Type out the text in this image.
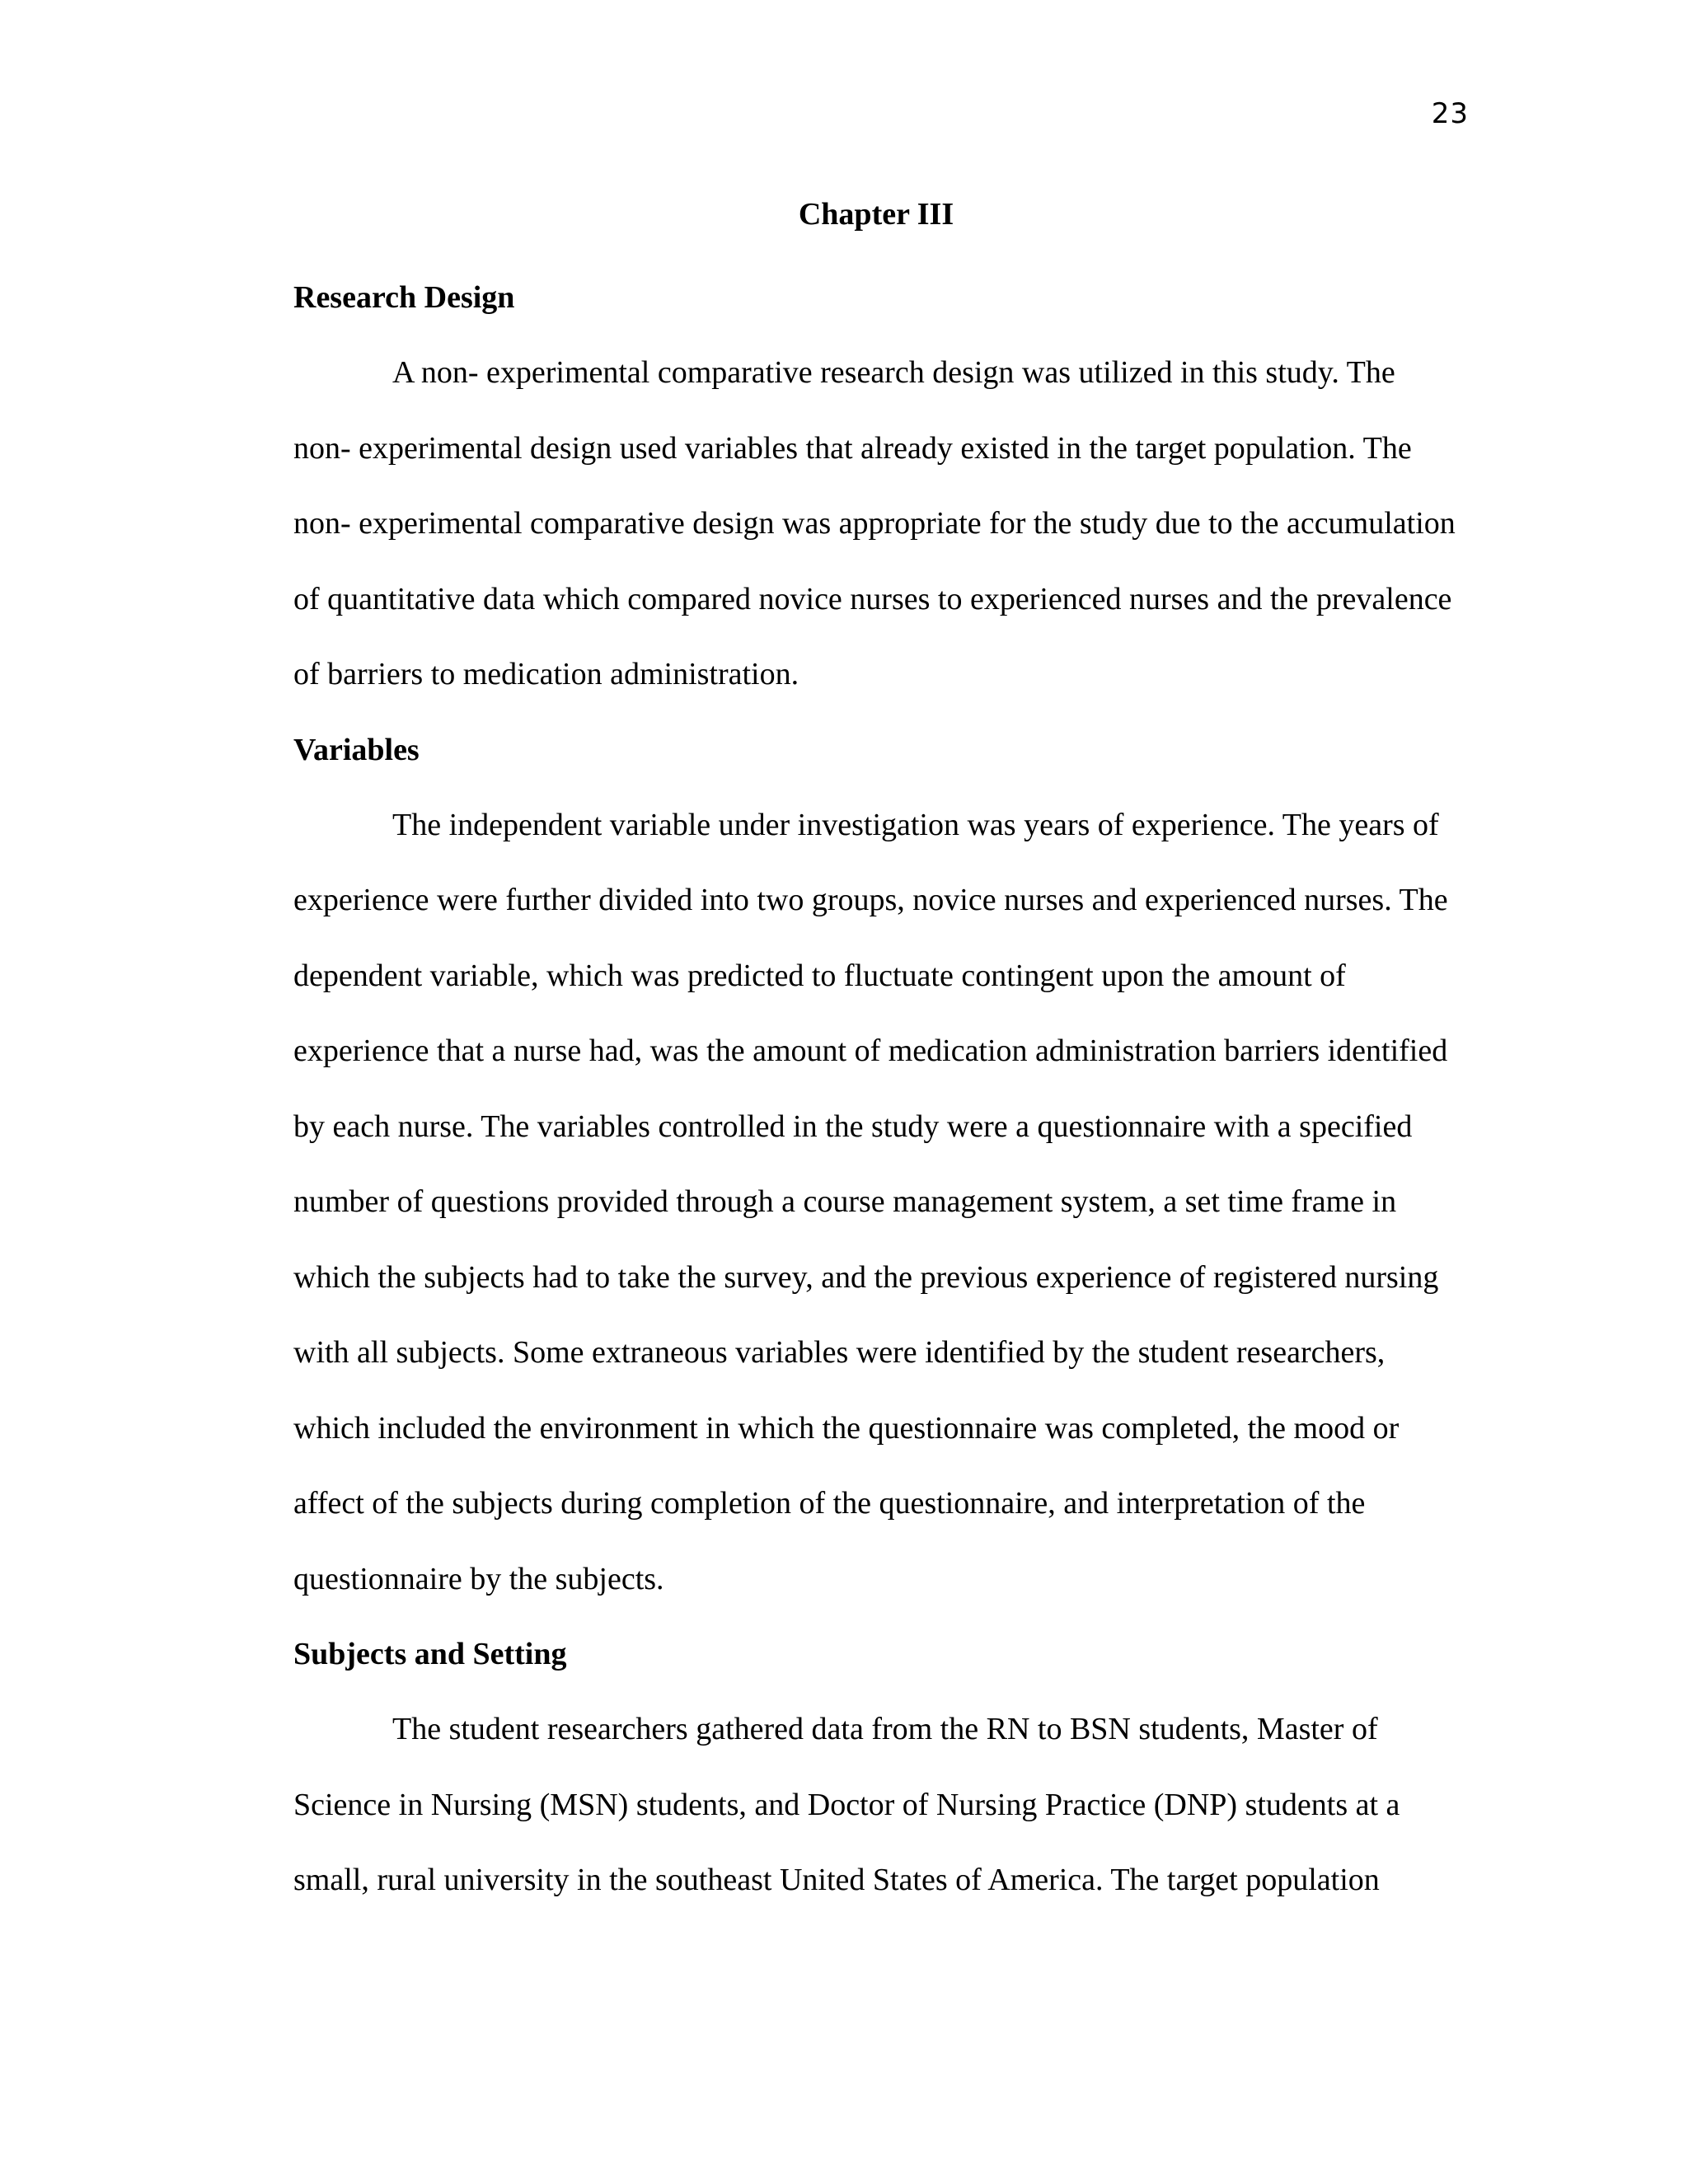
23
Chapter III
Research Design

A non- experimental comparative research design was utilized in this study. The non- experimental design used variables that already existed in the target population. The non- experimental comparative design was appropriate for the study due to the accumulation of quantitative data which compared novice nurses to experienced nurses and the prevalence of barriers to medication administration.

Variables

The independent variable under investigation was years of experience. The years of experience were further divided into two groups, novice nurses and experienced nurses. The dependent variable, which was predicted to fluctuate contingent upon the amount of experience that a nurse had, was the amount of medication administration barriers identified by each nurse. The variables controlled in the study were a questionnaire with a specified number of questions provided through a course management system, a set time frame in which the subjects had to take the survey, and the previous experience of registered nursing with all subjects. Some extraneous variables were identified by the student researchers, which included the environment in which the questionnaire was completed, the mood or affect of the subjects during completion of the questionnaire, and interpretation of the questionnaire by the subjects.

Subjects and Setting

The student researchers gathered data from the RN to BSN students, Master of Science in Nursing (MSN) students, and Doctor of Nursing Practice (DNP) students at a small, rural university in the southeast United States of America. The target population
